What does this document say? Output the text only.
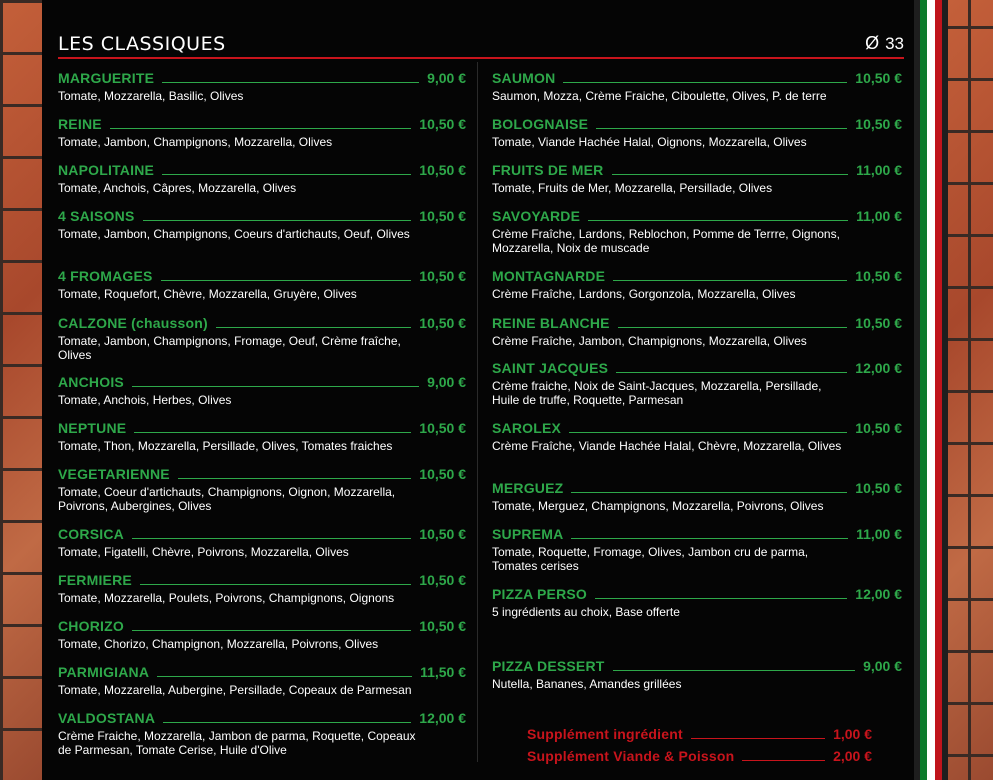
LES CLASSIQUES	Ø 33
MARGUERITE	9,00 €
Tomate, Mozzarella, Basilic, Olives
REINE	10,50 €
Tomate, Jambon, Champignons, Mozzarella, Olives
NAPOLITAINE	10,50 €
Tomate, Anchois, Câpres, Mozzarella, Olives
4 SAISONS	10,50 €
Tomate, Jambon, Champignons, Coeurs d'artichauts, Oeuf, Olives
4 FROMAGES	10,50 €
Tomate, Roquefort, Chèvre, Mozzarella, Gruyère, Olives
CALZONE (chausson)	10,50 €
Tomate, Jambon, Champignons, Fromage, Oeuf, Crème fraîche, Olives
ANCHOIS	9,00 €
Tomate, Anchois, Herbes, Olives
NEPTUNE	10,50 €
Tomate, Thon, Mozzarella, Persillade, Olives, Tomates fraiches
VEGETARIENNE	10,50 €
Tomate, Coeur d'artichauts, Champignons, Oignon, Mozzarella, Poivrons, Aubergines, Olives
CORSICA	10,50 €
Tomate, Figatelli, Chèvre, Poivrons, Mozzarella, Olives
FERMIERE	10,50 €
Tomate, Mozzarella, Poulets, Poivrons, Champignons, Oignons
CHORIZO	10,50 €
Tomate, Chorizo, Champignon, Mozzarella, Poivrons, Olives
PARMIGIANA	11,50 €
Tomate, Mozzarella, Aubergine, Persillade, Copeaux de Parmesan
VALDOSTANA	12,00 €
Crème Fraiche, Mozzarella, Jambon de parma, Roquette, Copeaux de Parmesan, Tomate Cerise, Huile d'Olive
SAUMON	10,50 €
Saumon, Mozza, Crème Fraiche, Ciboulette, Olives, P. de terre
BOLOGNAISE	10,50 €
Tomate, Viande Hachée Halal, Oignons, Mozzarella, Olives
FRUITS DE MER	11,00 €
Tomate, Fruits de Mer, Mozzarella, Persillade, Olives
SAVOYARDE	11,00 €
Crème Fraîche, Lardons, Reblochon, Pomme de Terrre, Oignons, Mozzarella, Noix de muscade
MONTAGNARDE	10,50 €
Crème Fraîche, Lardons, Gorgonzola, Mozzarella, Olives
REINE BLANCHE	10,50 €
Crème Fraîche, Jambon, Champignons, Mozzarella, Olives
SAINT JACQUES	12,00 €
Crème fraiche, Noix de Saint-Jacques, Mozzarella, Persillade, Huile de truffe, Roquette, Parmesan
SAROLEX	10,50 €
Crème Fraîche, Viande Hachée Halal, Chèvre, Mozzarella, Olives
MERGUEZ	10,50 €
Tomate, Merguez, Champignons, Mozzarella, Poivrons, Olives
SUPREMA	11,00 €
Tomate, Roquette, Fromage, Olives, Jambon cru de parma, Tomates cerises
PIZZA PERSO	12,00 €
5 ingrédients au choix, Base offerte
PIZZA DESSERT	9,00 €
Nutella, Bananes, Amandes grillées
Supplément ingrédient	1,00 €
Supplément Viande & Poisson	2,00 €
